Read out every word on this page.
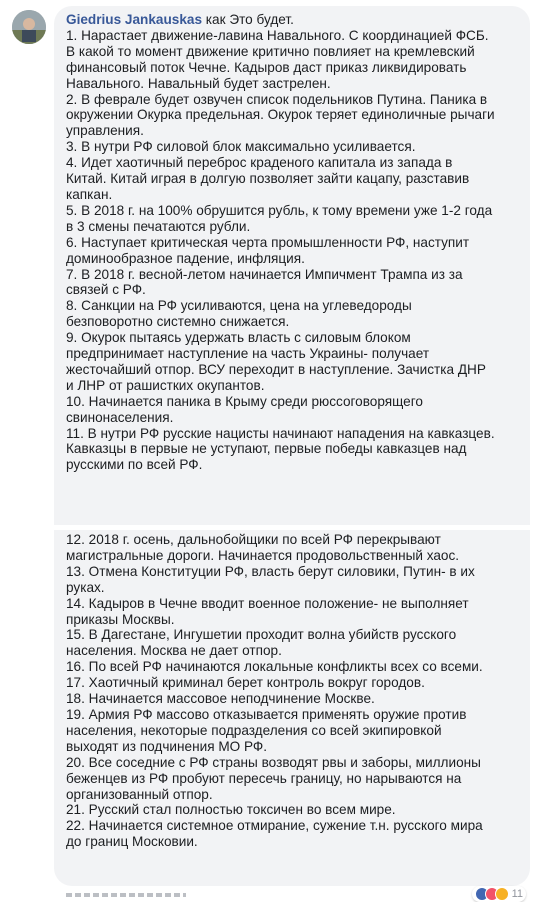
Giedrius Jankauskas как Это будет.
1. Нарастает движение-лавина Навального. С координацией ФСБ.
В какой то момент движение критично повлияет на кремлевский
финансовый поток Чечне. Кадыров даст приказ ликвидировать
Навального. Навальный будет застрелен.
2. В феврале будет озвучен список подельников Путина. Паника в
окружении Окурка предельная. Окурок теряет единоличные рычаги
управления.
3. В нутри РФ силовой блок максимально усиливается.
4. Идет хаотичный переброс краденого капитала из запада в
Китай. Китай играя в долгую позволяет зайти кацапу, разставив
капкан.
5. В 2018 г. на 100% обрушится рубль, к тому времени уже 1-2 года
в 3 смены печатаются рубли.
6. Наступает критическая черта промышленности РФ, наступит
доминообразное падение, инфляция.
7. В 2018 г. весной-летом начинается Импичмент Трампа из за
связей с РФ.
8. Санкции на РФ усиливаются, цена на углеведороды
безповоротно системно снижается.
9. Окурок пытаясь удержать власть с силовым блоком
предпринимает наступление на часть Украины- получает
жесточайший отпор. ВСУ переходит в наступление. Зачистка ДНР
и ЛНР от рашистких окупантов.
10. Начинается паника в Крыму среди рюссоговорящего
свинонаселения.
11. В нутри РФ русские нацисты начинают нападения на кавказцев.
Кавказцы в первые не уступают, первые победы кавказцев над
русскими по всей РФ.

12. 2018 г. осень, дальнобойщики по всей РФ перекрывают
магистральные дороги. Начинается продовольственный хаос.
13. Отмена Конституции РФ, власть берут силовики, Путин- в их
руках.
14. Кадыров в Чечне вводит военное положение- не выполняет
приказы Москвы.
15. В Дагестане, Ингушетии проходит волна убийств русского
населения. Москва не дает отпор.
16. По всей РФ начинаются локальные конфликты всех со всеми.
17. Хаотичный криминал берет контроль вокруг городов.
18. Начинается массовое неподчинение Москве.
19. Армия РФ массово отказывается применять оружие против
населения, некоторые подразделения со всей экипировкой
выходят из подчинения МО РФ.
20. Все соседние с РФ страны возводят рвы и заборы, миллионы
беженцев из РФ пробуют пересечь границу, но нарываются на
организованный отпор.
21. Русский стал полностью токсичен во всем мире.
22. Начинается системное отмирание, сужение т.н. русского мира
до границ Московии.

11
